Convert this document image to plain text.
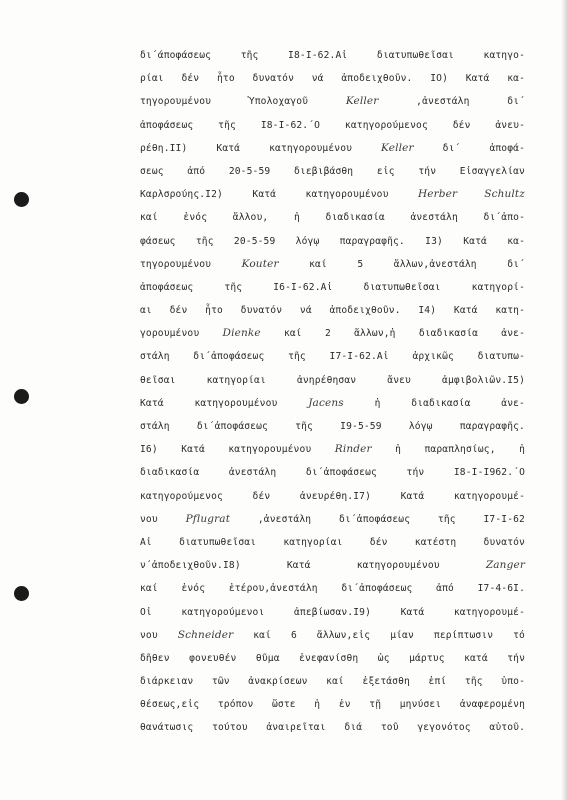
δι΄άποφάσεως τῆς Ι8-Ι-62.Αἱ διατυπωθεῖσαι κατηγο-
ρίαι δέν ἦτο δυνατόν νά ἀποδειχθοῦν. ΙΟ) Κατά κα-
τηγορουμένου Ὑπολοχαγοῦ Keller ,ἀνεστάλη δι΄
ἀποφάσεως τῆς Ι8-Ι-62.΄Ο κατηγορούμενος δέν ἀνευ-
ρέθη.ΙΙ) Κατά κατηγορουμένου Keller δι΄ ἀποφά-
σεως ἀπό 20-5-59 διεβιβάσθη εἰς τήν Εἰσαγγελίαν
Καρλσρούης.Ι2) Κατά κατηγορουμένου Herber Schultz
καί ἑνός ἄλλου, ἡ διαδικασία ἀνεστάλη δι΄ἀπο-
φάσεως τῆς 20-5-59 λόγῳ παραγραφῆς. Ι3) Κατά κα-
τηγορουμένου Kouter καί 5 ἄλλων,ἀνεστάλη δι΄
ἀποφάσεως τῆς Ι6-Ι-62.Αἱ διατυπωθεῖσαι κατηγορί-
αι δέν ἦτο δυνατόν νά ἀποδειχθοῦν. Ι4) Κατά κατη-
γορουμένου Dienke καί 2 ἄλλων,ἡ διαδικασία ἀνε-
στάλη δι΄ἀποφάσεως τῆς Ι7-Ι-62.Αἱ ἀρχικῶς διατυπω-
θεῖσαι κατηγορίαι ἀνηρέθησαν ἄνευ ἀμφιβολιῶν.Ι5)
Κατά κατηγορουμένου Jacens ἡ διαδικασία ἀνε-
στάλη δι΄ἀποφάσεως τῆς Ι9-5-59 λόγῳ παραγραφῆς.
Ι6) Κατά κατηγορουμένου Rinder ἡ παραπλησίως, ἡ
διαδικασία ἀνεστάλη δι΄ἀποφάσεως τήν Ι8-Ι-Ι962.΄Ο
κατηγορούμενος δέν ἀνευρέθη.Ι7) Κατά κατηγορουμέ-
νου Pflugrat ,ἀνεστάλη δι΄ἀποφάσεως τῆς Ι7-Ι-62
Αἱ διατυπωθεῖσαι κατηγορίαι δέν κατέστη δυνατόν
ν΄ἀποδειχθοῦν.Ι8) Κατά κατηγορουμένου Zanger
καί ἑνός ἑτέρου,ἀνεστάλη δι΄ἀποφάσεως ἀπό Ι7-4-6Ι.
Οἱ κατηγορούμενοι ἀπεβίωσαν.Ι9) Κατά κατηγορουμέ-
νου Schneider καί 6 ἄλλων,εἰς μίαν περίπτωσιν τό
δῆθεν φονευθέν θῦμα ἐνεφανίσθη ὡς μάρτυς κατά τήν
διάρκειαν τῶν ἀνακρίσεων καί ἐξετάσθη ἐπί τῆς ὑπο-
θέσεως,εἰς τρόπον ὥστε ἡ ἐν τῇ μηνύσει ἀναφερομένη
θανάτωσις τούτου ἀναιρεῖται διά τοῦ γεγονότος αὐτοῦ.
